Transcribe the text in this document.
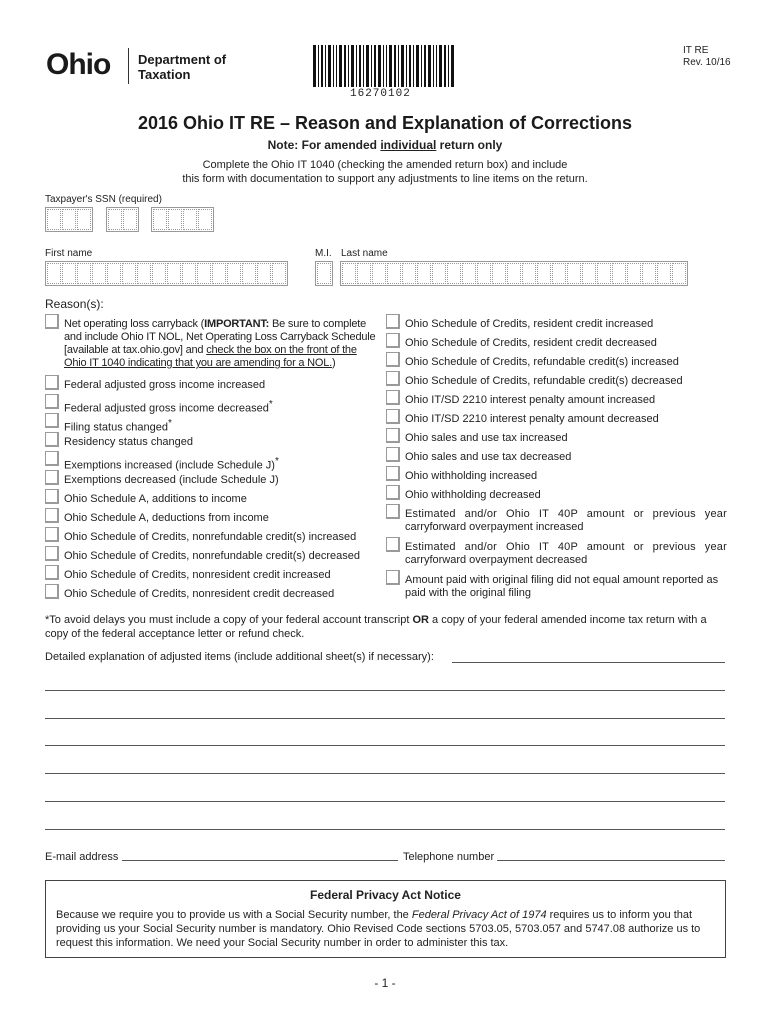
Ohio Department of
Taxation
16270102
IT RE
Rev. 10/16
2016 Ohio IT RE – Reason and Explanation of Corrections
Note: For amended individual return only
Complete the Ohio IT 1040 (checking the amended return box) and include
this form with documentation to support any adjustments to line items on the return.
Taxpayer's SSN (required)
First name	M.I. Last name
Reason(s):
Net operating loss carryback (IMPORTANT: Be sure to complete
and include Ohio IT NOL, Net Operating Loss Carryback Schedule
[available at tax.ohio.gov] and check the box on the front of the
Ohio IT 1040 indicating that you are amending for a NOL.)
Federal adjusted gross income increased
Federal adjusted gross income decreased*
Filing status changed*
Residency status changed
Exemptions increased (include Schedule J)*
Exemptions decreased (include Schedule J)
Ohio Schedule A, additions to income
Ohio Schedule A, deductions from income
Ohio Schedule of Credits, nonrefundable credit(s) increased
Ohio Schedule of Credits, nonrefundable credit(s) decreased
Ohio Schedule of Credits, nonresident credit increased
Ohio Schedule of Credits, nonresident credit decreased
Ohio Schedule of Credits, resident credit increased
Ohio Schedule of Credits, resident credit decreased
Ohio Schedule of Credits, refundable credit(s) increased
Ohio Schedule of Credits, refundable credit(s) decreased
Ohio IT/SD 2210 interest penalty amount increased
Ohio IT/SD 2210 interest penalty amount decreased
Ohio sales and use tax increased
Ohio sales and use tax decreased
Ohio withholding increased
Ohio withholding decreased
Estimated and/or Ohio IT 40P amount or previous year
carryforward overpayment increased
Estimated and/or Ohio IT 40P amount or previous year
carryforward overpayment decreased
Amount paid with original filing did not equal amount reported as
paid with the original filing
*To avoid delays you must include a copy of your federal account transcript OR a copy of your federal amended income tax return with a
copy of the federal acceptance letter or refund check.
Detailed explanation of adjusted items (include additional sheet(s) if necessary):
E-mail address	Telephone number
Federal Privacy Act Notice
Because we require you to provide us with a Social Security number, the Federal Privacy Act of 1974 requires us to inform you that
providing us your Social Security number is mandatory. Ohio Revised Code sections 5703.05, 5703.057 and 5747.08 authorize us to
request this information. We need your Social Security number in order to administer this tax.
- 1 -
